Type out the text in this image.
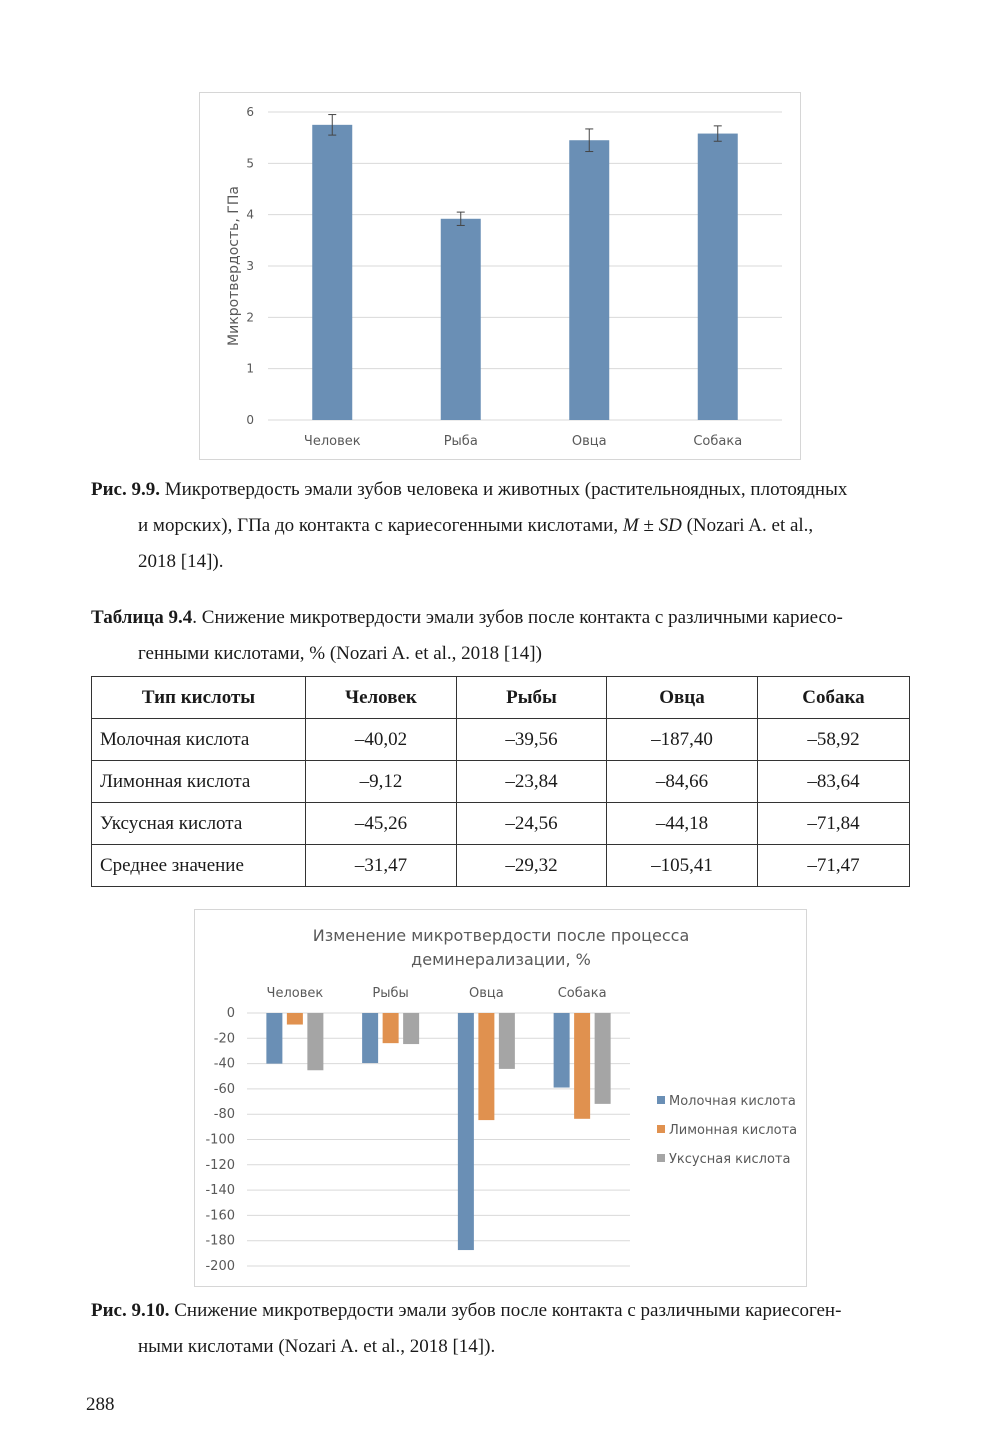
0
1
2
3
4
5
6
Человек	Рыба	Овца	Собака
Микротвердость, ГПа
Рис. 9.9. Микротвердость эмали зубов человека и животных (растительноядных, плотоядных
и морских), ГПа до контакта с кариесогенными кислотами, M ± SD (Nozari A. et al.,
2018 [14]).
Таблица 9.4. Снижение микротвердости эмали зубов после контакта с различными кариесо-
генными кислотами, % (Nozari A. et al., 2018 [14])
Тип кислоты	Человек	Рыбы	Овца	Собака
Молочная кислота	–40,02	–39,56	–187,40	–58,92
Лимонная кислота	–9,12	–23,84	–84,66	–83,64
Уксусная кислота	–45,26	–24,56	–44,18	–71,84
Среднее значение	–31,47	–29,32	–105,41	–71,47
Изменение микротвердости после процесса
деминерализации, %
0
-20
-40
-60
-80
-100
-120
-140
-160
-180
-200
Человек	Рыбы	Овца	Собака
Молочная кислота
Лимонная кислота
Уксусная кислота
Рис. 9.10. Снижение микротвердости эмали зубов после контакта с различными кариесоген-
ными кислотами (Nozari A. et al., 2018 [14]).
288
